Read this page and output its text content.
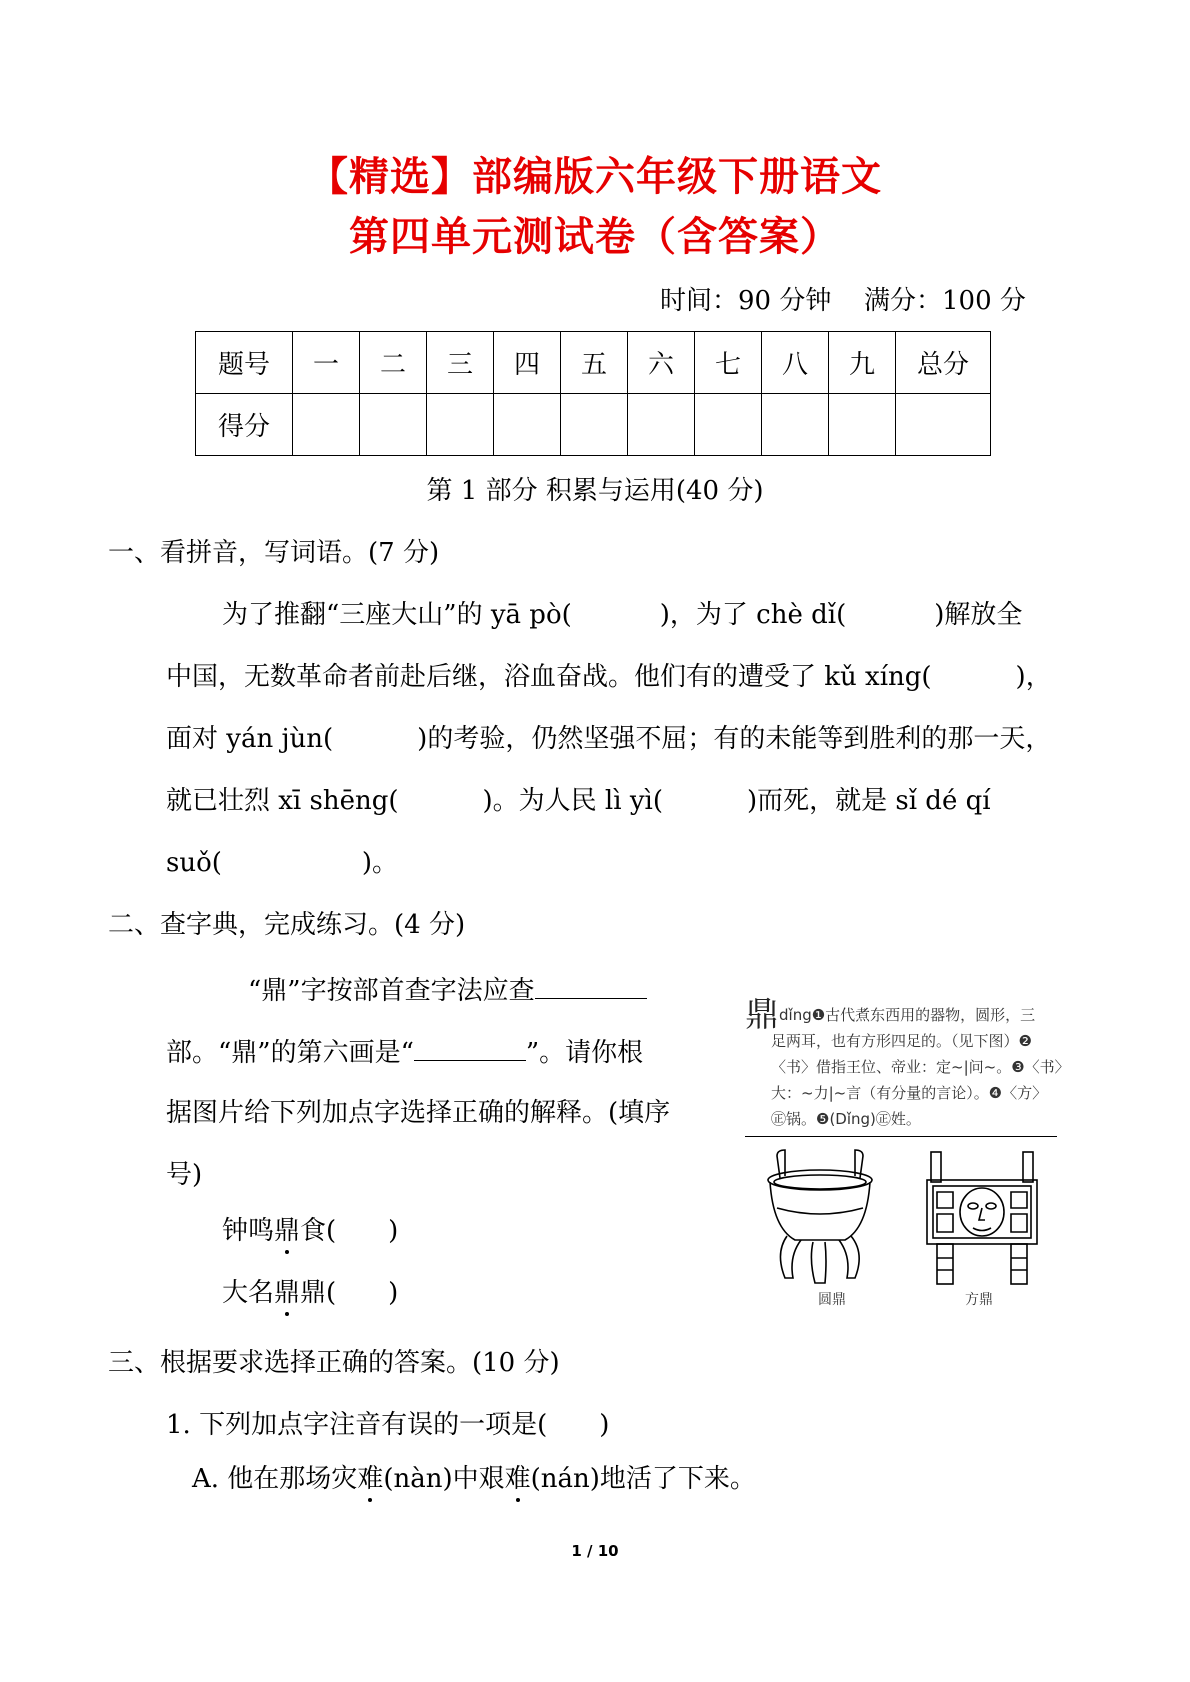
【精选】部编版六年级下册语文
第四单元测试卷（含答案）
时间：90 分钟 满分：100 分
题号	一	二	三	四	五	六	七	八	九	总分
得分										
第 1 部分 积累与运用(40 分)
一、看拼音，写词语。(7 分)
为了推翻“三座大山”的 yā pò(	)，为了 chè dǐ(	)解放全
中国，无数革命者前赴后继，浴血奋战。他们有的遭受了 kǔ xíng(	)，
面对 yán jùn(	)的考验，仍然坚强不屈；有的未能等到胜利的那一天，
就已壮烈 xī shēng(	)。为人民 lì yì(	)而死，就是 sǐ dé qí
suǒ(	)。
二、查字典，完成练习。(4 分)
“鼎”字按部首查字法应查
部。“鼎”的第六画是“	”。请你根
据图片给下列加点字选择正确的解释。(填序
号)
钟鸣鼎食(　　)
大名鼎鼎(　　)
鼎dǐng❶古代煮东西用的器物，圆形，三
足两耳，也有方形四足的。（见下图）❷
〈书〉借指王位、帝业：定~|问~。❸〈书〉
大：~力|~言（有分量的言论）。❹〈方〉
㊣锅。❺(Dǐng)㊣姓。
圆鼎	方鼎
三、根据要求选择正确的答案。(10 分)
1. 下列加点字注音有误的一项是(　　)
A. 他在那场灾难(nàn)中艰难(nán)地活了下来。
1 / 10
